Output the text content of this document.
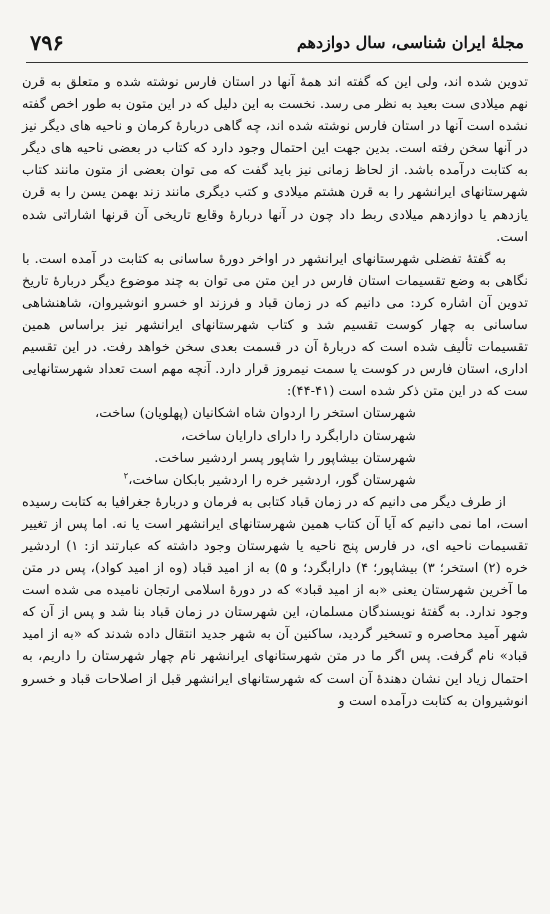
۷۹۶	مجلهٔ ایران شناسی، سال دوازدهم

تدوین شده اند، ولی این که گفته اند همهٔ آنها در استان فارس نوشته شده و متعلق به قرن نهم میلادی ست بعید به نظر می رسد. نخست به این دلیل که در این متون به طور اخص گفته نشده است آنها در استان فارس نوشته شده اند، چه گاهی دربارهٔ کرمان و ناحیه های دیگر نیز در آنها سخن رفته است. بدین جهت این احتمال وجود دارد که کتاب در بعضی ناحیه های دیگر به کتابت درآمده باشد. از لحاظ زمانی نیز باید گفت که می توان بعضی از متون مانند کتاب شهرستانهای ایرانشهر را به قرن هشتم میلادی و کتب دیگری مانند زند بهمن یسن را به قرن یازدهم یا دوازدهم میلادی ربط داد چون در آنها دربارهٔ وقایع تاریخی آن قرنها اشاراتی شده است.

به گفتهٔ تفضلی شهرستانهای ایرانشهر در اواخر دورهٔ ساسانی به کتابت در آمده است. با نگاهی به وضع تقسیمات استان فارس در این متن می توان به چند موضوع دیگر دربارهٔ تاریخ تدوین آن اشاره کرد: می دانیم که در زمان قباد و فرزند او خسرو انوشیروان، شاهنشاهی ساسانی به چهار کوست تقسیم شد و کتاب شهرستانهای ایرانشهر نیز براساس همین تقسیمات تألیف شده است که دربارهٔ آن در قسمت بعدی سخن خواهد رفت. در این تقسیم اداری، استان فارس در کوست یا سمت نیمروز قرار دارد. آنچه مهم است تعداد شهرستانهایی ست که در این متن ذکر شده است (۴۱-۴۴):

شهرستان استخر را اردوان شاه اشکانیان (پهلویان) ساخت،
شهرستان دارابگرد را دارای دارایان ساخت،
شهرستان بیشاپور را شاپور پسر اردشیر ساخت.
شهرستان گور، اردشیر خره را اردشیر بابکان ساخت،$^۲$

از طرف دیگر می دانیم که در زمان قباد کتابی به فرمان و دربارهٔ جغرافیا به کتابت رسیده است، اما نمی دانیم که آیا آن کتاب همین شهرستانهای ایرانشهر است یا نه. اما پس از تغییر تقسیمات ناحیه ای، در فارس پنج ناحیه یا شهرستان وجود داشته که عبارتند از: ۱) اردشیر خره (۲) استخر؛ ۳) بیشاپور؛ ۴) دارابگرد؛ و ۵) به از امید قباد (وه از امید کواد)، پس در متن ما آخرین شهرستان یعنی «به از امید قباد» که در دورهٔ اسلامی ارتجان نامیده می شده است وجود ندارد. به گفتهٔ نویسندگان مسلمان، این شهرستان در زمان قباد بنا شد و پس از آن که شهر آمید محاصره و تسخیر گردید، ساکنین آن به شهر جدید انتقال داده شدند که «به از امید قباد» نام گرفت. پس اگر ما در متن شهرستانهای ایرانشهر نام چهار شهرستان را داریم، به احتمال زیاد این نشان دهندهٔ آن است که شهرستانهای ایرانشهر قبل از اصلاحات قباد و خسرو انوشیروان به کتابت درآمده است و
